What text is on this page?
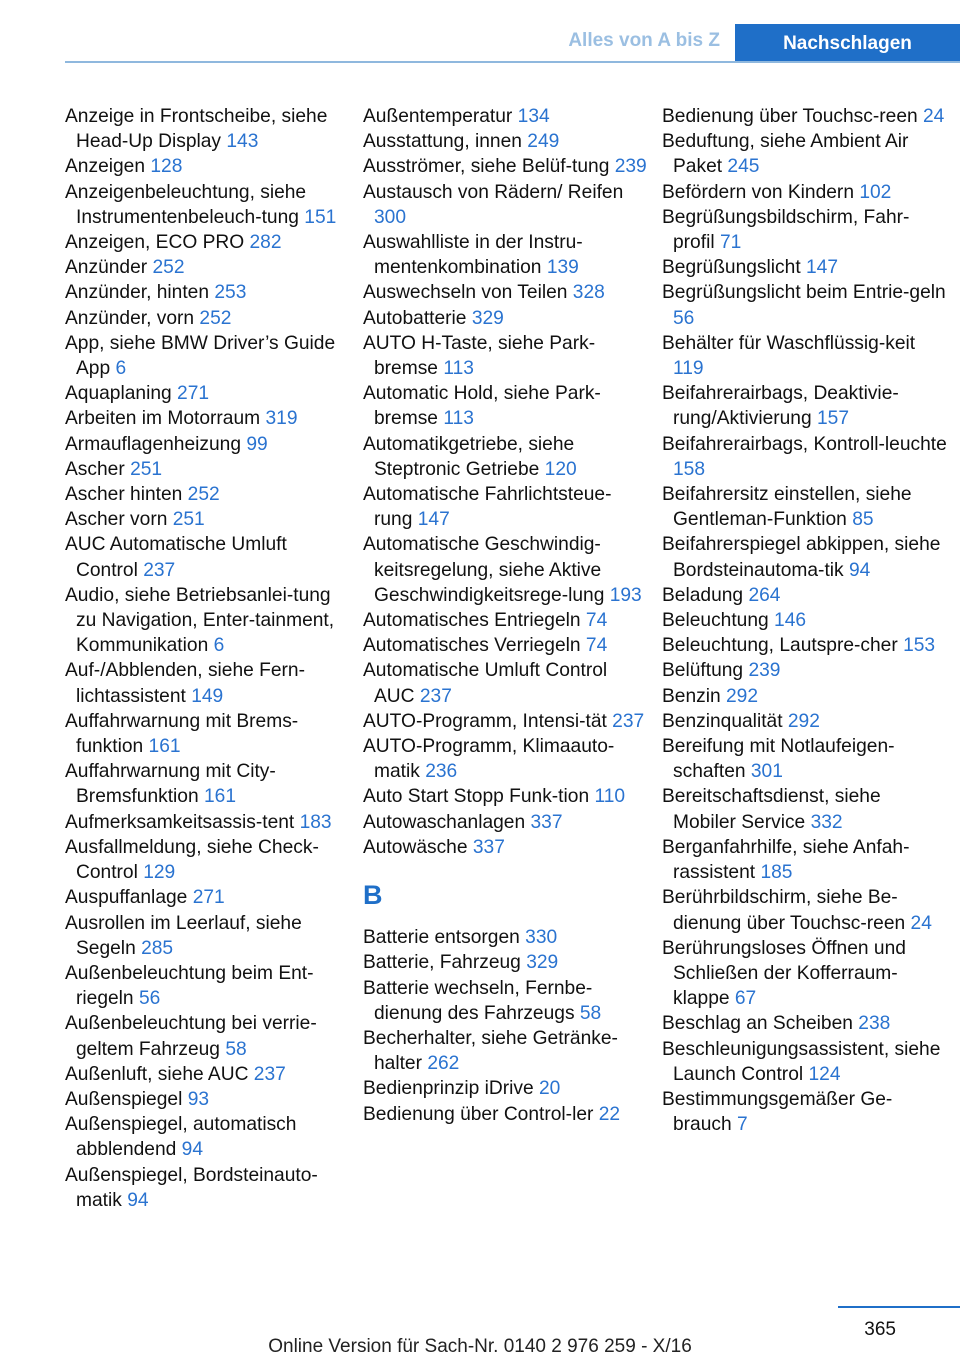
Alles von A bis Z	Nachschlagen
Anzeige in Frontscheibe, siehe Head-Up Display 143
Anzeigen 128
Anzeigenbeleuchtung, siehe Instrumentenbeleuch-tung 151
Anzeigen, ECO PRO 282
Anzünder 252
Anzünder, hinten 253
Anzünder, vorn 252
App, siehe BMW Driver’s Guide App 6
Aquaplaning 271
Arbeiten im Motorraum 319
Armauflagenheizung 99
Ascher 251
Ascher hinten 252
Ascher vorn 251
AUC Automatische Umluft Control 237
Audio, siehe Betriebsanlei-tung zu Navigation, Enter-tainment, Kommunikation 6
Auf-/Abblenden, siehe Fern-lichtassistent 149
Auffahrwarnung mit Brems-funktion 161
Auffahrwarnung mit City-Bremsfunktion 161
Aufmerksamkeitsassis-tent 183
Ausfallmeldung, siehe Check-Control 129
Auspuffanlage 271
Ausrollen im Leerlauf, siehe Segeln 285
Außenbeleuchtung beim Ent-riegeln 56
Außenbeleuchtung bei verrie-geltem Fahrzeug 58
Außenluft, siehe AUC 237
Außenspiegel 93
Außenspiegel, automatisch abblendend 94
Außenspiegel, Bordsteinauto-matik 94
Außentemperatur 134
Ausstattung, innen 249
Ausströmer, siehe Belüf-tung 239
Austausch von Rädern/ Reifen 300
Auswahlliste in der Instru-mentenkombination 139
Auswechseln von Teilen 328
Autobatterie 329
AUTO H-Taste, siehe Park-bremse 113
Automatic Hold, siehe Park-bremse 113
Automatikgetriebe, siehe Steptronic Getriebe 120
Automatische Fahrlichtsteue-rung 147
Automatische Geschwindig-keitsregelung, siehe Aktive Geschwindigkeitsrege-lung 193
Automatisches Entriegeln 74
Automatisches Verriegeln 74
Automatische Umluft Control AUC 237
AUTO-Programm, Intensi-tät 237
AUTO-Programm, Klimaauto-matik 236
Auto Start Stopp Funk-tion 110
Autowaschanlagen 337
Autowäsche 337
B
Batterie entsorgen 330
Batterie, Fahrzeug 329
Batterie wechseln, Fernbe-dienung des Fahrzeugs 58
Becherhalter, siehe Getränke-halter 262
Bedienprinzip iDrive 20
Bedienung über Control-ler 22
Bedienung über Touchsc-reen 24
Beduftung, siehe Ambient Air Paket 245
Befördern von Kindern 102
Begrüßungsbildschirm, Fahr-profil 71
Begrüßungslicht 147
Begrüßungslicht beim Entrie-geln 56
Behälter für Waschflüssig-keit 119
Beifahrerairbags, Deaktivie-rung/Aktivierung 157
Beifahrerairbags, Kontroll-leuchte 158
Beifahrersitz einstellen, siehe Gentleman-Funktion 85
Beifahrerspiegel abkippen, siehe Bordsteinautoma-tik 94
Beladung 264
Beleuchtung 146
Beleuchtung, Lautspre-cher 153
Belüftung 239
Benzin 292
Benzinqualität 292
Bereifung mit Notlaufeigen-schaften 301
Bereitschaftsdienst, siehe Mobiler Service 332
Berganfahrhilfe, siehe Anfah-rassistent 185
Berührbildschirm, siehe Be-dienung über Touchsc-reen 24
Berührungsloses Öffnen und Schließen der Kofferraum-klappe 67
Beschlag an Scheiben 238
Beschleunigungsassistent, siehe Launch Control 124
Bestimmungsgemäßer Ge-brauch 7
365
Online Version für Sach-Nr. 0140 2 976 259 - X/16
